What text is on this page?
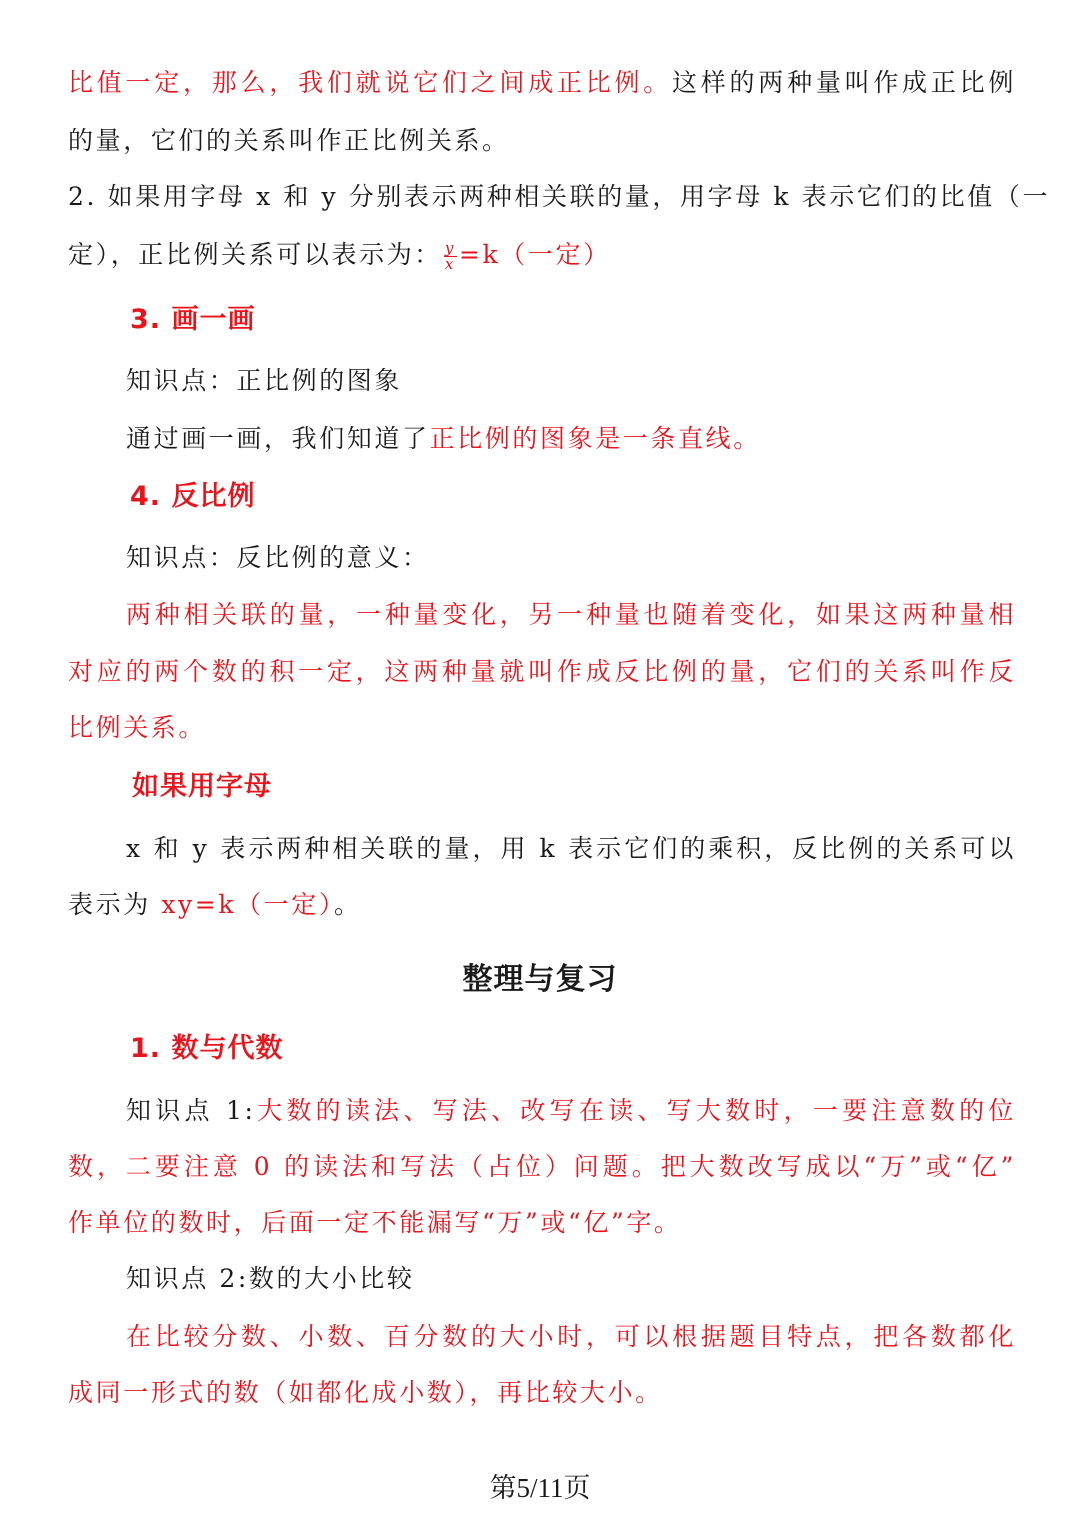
比值一定，那么，我们就说它们之间成正比例。这样的两种量叫作成正比例
的量，它们的关系叫作正比例关系。
2. 如果用字母 x 和 y 分别表示两种相关联的量，用字母 k 表示它们的比值（一
定），正比例关系可以表示为： $\frac{y}{x} =k$（一定）
3. 画一画
知识点：正比例的图象
通过画一画，我们知道了正比例的图象是一条直线。
4. 反比例
知识点：反比例的意义：
两种相关联的量，一种量变化，另一种量也随着变化，如果这两种量相
对应的两个数的积一定，这两种量就叫作成反比例的量，它们的关系叫作反
比例关系。
如果用字母
x 和 y 表示两种相关联的量，用 k 表示它们的乘积，反比例的关系可以
表示为 xy=k（一定）。
整理与复习
1. 数与代数
知识点 1:大数的读法、写法、改写在读、写大数时，一要注意数的位
数，二要注意 0 的读法和写法（占位）问题。把大数改写成以“万”或“亿”
作单位的数时，后面一定不能漏写“万”或“亿”字。
知识点 2:数的大小比较
在比较分数、小数、百分数的大小时，可以根据题目特点，把各数都化
成同一形式的数（如都化成小数），再比较大小。
第5/11页
